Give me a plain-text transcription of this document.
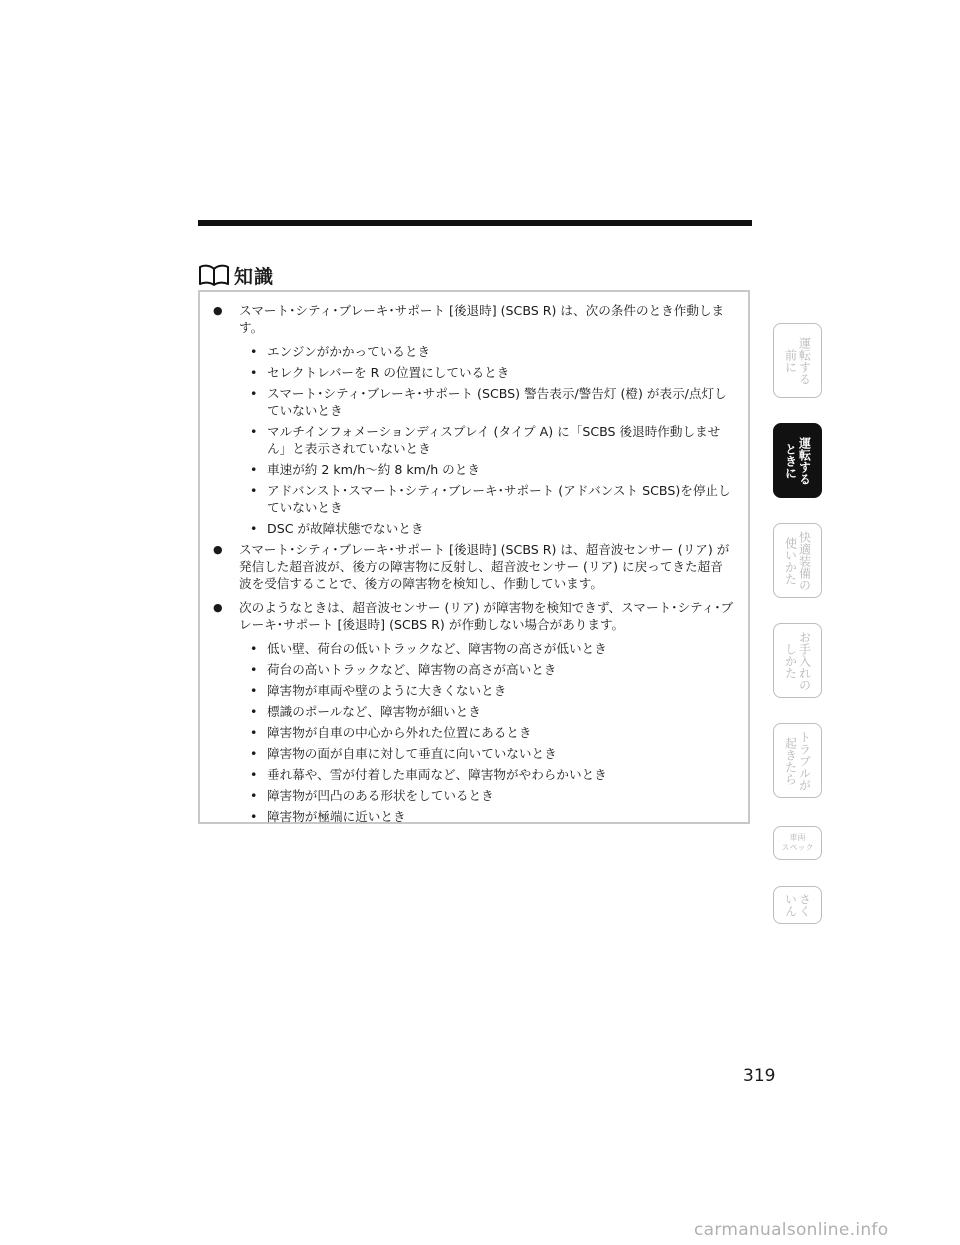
知識
● スマート･シティ･ブレーキ･サポート [後退時] (SCBS R) は、次の条件のとき作動します。
• エンジンがかかっているとき
• セレクトレバーを R の位置にしているとき
• スマート･シティ･ブレーキ･サポート (SCBS) 警告表示/警告灯 (橙) が表示/点灯していないとき
• マルチインフォメーションディスプレイ (タイプ A) に「SCBS 後退時作動しません」と表示されていないとき
• 車速が約 2 km/h～約 8 km/h のとき
• アドバンスト･スマート･シティ･ブレーキ･サポート (アドバンスト SCBS)を停止していないとき
• DSC が故障状態でないとき
● スマート･シティ･ブレーキ･サポート [後退時] (SCBS R) は、超音波センサー (リア) が発信した超音波が、後方の障害物に反射し、超音波センサー (リア) に戻ってきた超音波を受信することで、後方の障害物を検知し、作動しています。
● 次のようなときは、超音波センサー (リア) が障害物を検知できず、スマート･シティ･ブレーキ･サポート [後退時] (SCBS R) が作動しない場合があります。
• 低い壁、荷台の低いトラックなど、障害物の高さが低いとき
• 荷台の高いトラックなど、障害物の高さが高いとき
• 障害物が車両や壁のように大きくないとき
• 標識のポールなど、障害物が細いとき
• 障害物が自車の中心から外れた位置にあるとき
• 障害物の面が自車に対して垂直に向いていないとき
• 垂れ幕や、雪が付着した車両など、障害物がやわらかいとき
• 障害物が凹凸のある形状をしているとき
• 障害物が極端に近いとき
運転する
前に
運転する
ときに
快適装備の
使いかた
お手入れの
しかた
トラブルが
起きたら
車両
スペック
さく
いん
319
carmanualsonline.info
